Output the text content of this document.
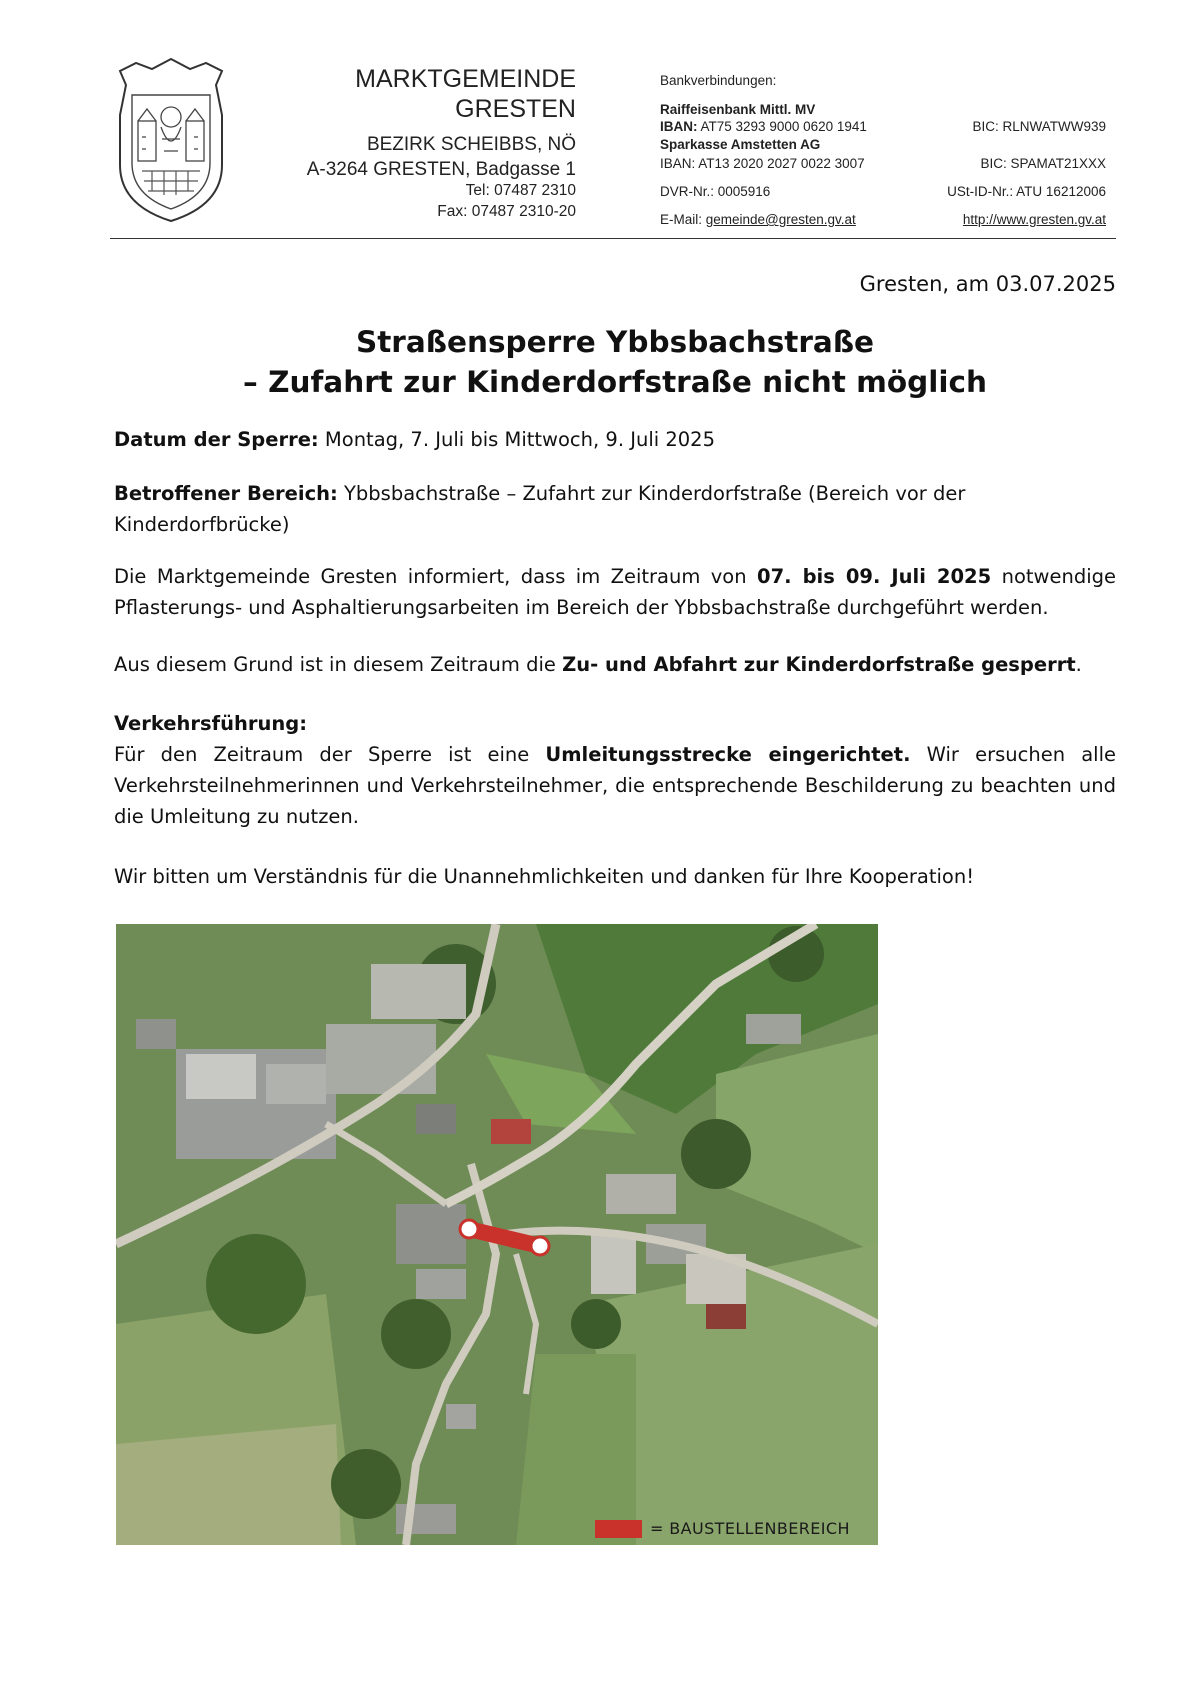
MARKTGEMEINDE
GRESTEN
BEZIRK SCHEIBBS, NÖ
A-3264 GRESTEN, Badgasse 1
Tel: 07487 2310
Fax: 07487 2310-20
Bankverbindungen:
Raiffeisenbank Mittl. MV
IBAN: AT75 3293 9000 0620 1941	BIC: RLNWATWW939
Sparkasse Amstetten AG
IBAN: AT13 2020 2027 0022 3007	BIC: SPAMAT21XXX
DVR-Nr.: 0005916	USt-ID-Nr.: ATU 16212006
E-Mail: gemeinde@gresten.gv.at	http://www.gresten.gv.at
Gresten, am 03.07.2025
Straßensperre Ybbsbachstraße
– Zufahrt zur Kinderdorfstraße nicht möglich
Datum der Sperre: Montag, 7. Juli bis Mittwoch, 9. Juli 2025
Betroffener Bereich: Ybbsbachstraße – Zufahrt zur Kinderdorfstraße (Bereich vor der Kinderdorfbrücke)
Die Marktgemeinde Gresten informiert, dass im Zeitraum von 07. bis 09. Juli 2025 notwendige Pflasterungs- und Asphaltierungsarbeiten im Bereich der Ybbsbachstraße durchgeführt werden.
Aus diesem Grund ist in diesem Zeitraum die Zu- und Abfahrt zur Kinderdorfstraße gesperrt.
Verkehrsführung:
Für den Zeitraum der Sperre ist eine Umleitungsstrecke eingerichtet. Wir ersuchen alle Verkehrsteilnehmerinnen und Verkehrsteilnehmer, die entsprechende Beschilderung zu beachten und die Umleitung zu nutzen.
Wir bitten um Verständnis für die Unannehmlichkeiten und danken für Ihre Kooperation!
= BAUSTELLENBEREICH
